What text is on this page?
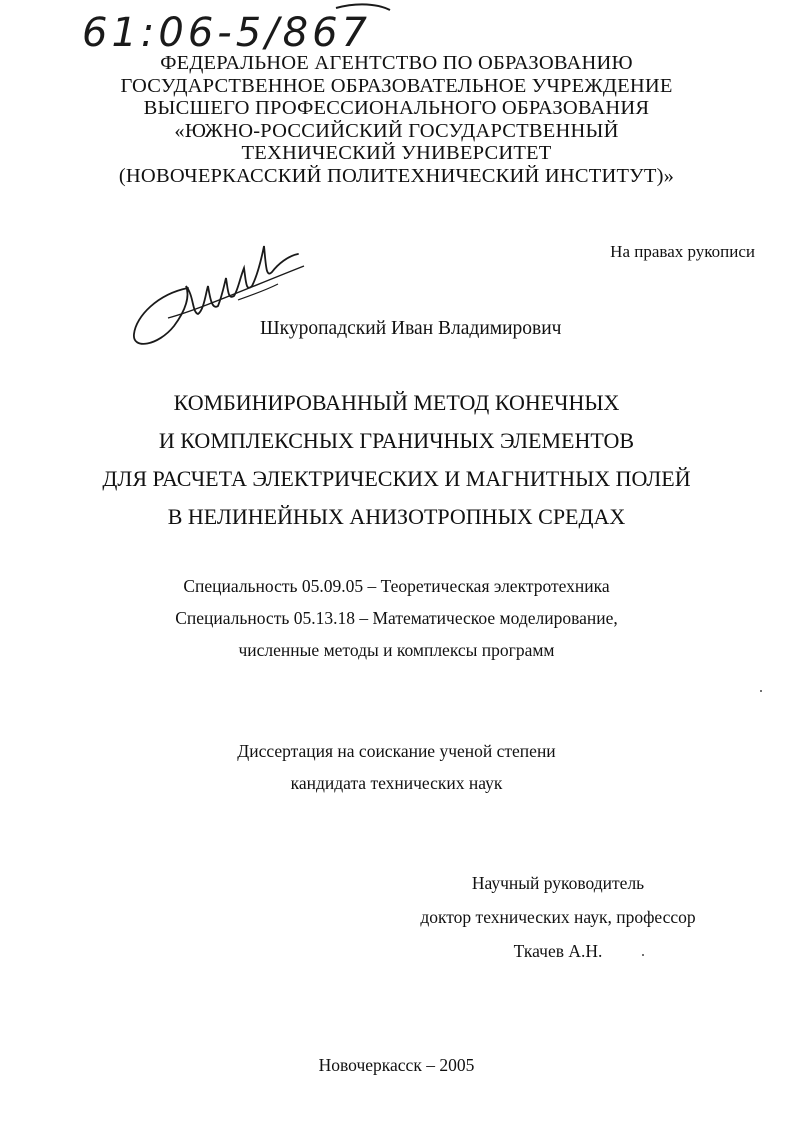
61:06-5/867
ФЕДЕРАЛЬНОЕ АГЕНТСТВО ПО ОБРАЗОВАНИЮ
ГОСУДАРСТВЕННОЕ ОБРАЗОВАТЕЛЬНОЕ УЧРЕЖДЕНИЕ
ВЫСШЕГО ПРОФЕССИОНАЛЬНОГО ОБРАЗОВАНИЯ
«ЮЖНО-РОССИЙСКИЙ ГОСУДАРСТВЕННЫЙ
ТЕХНИЧЕСКИЙ УНИВЕРСИТЕТ
(НОВОЧЕРКАССКИЙ ПОЛИТЕХНИЧЕСКИЙ ИНСТИТУТ)»
На правах рукописи
Шкуропадский Иван Владимирович
КОМБИНИРОВАННЫЙ МЕТОД КОНЕЧНЫХ
И КОМПЛЕКСНЫХ ГРАНИЧНЫХ ЭЛЕМЕНТОВ
ДЛЯ РАСЧЕТА ЭЛЕКТРИЧЕСКИХ И МАГНИТНЫХ ПОЛЕЙ
В НЕЛИНЕЙНЫХ АНИЗОТРОПНЫХ СРЕДАХ
Специальность 05.09.05 – Теоретическая электротехника
Специальность 05.13.18 – Математическое моделирование,
численные методы и комплексы программ
Диссертация на соискание ученой степени
кандидата технических наук
Научный руководитель
доктор технических наук, профессор
Ткачев А.Н.
Новочеркасск – 2005
